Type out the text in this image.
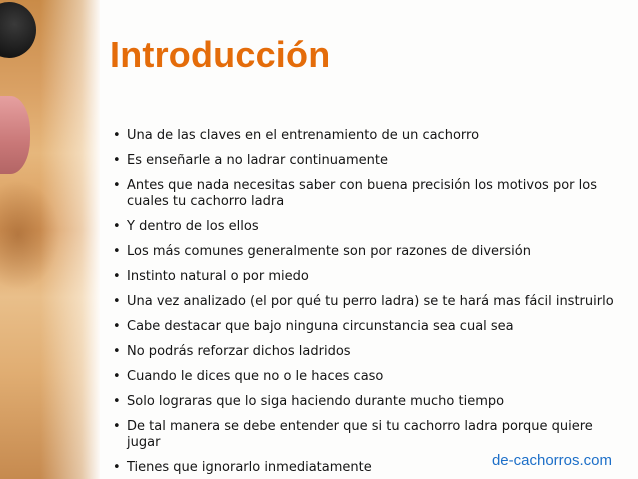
Introducción
• Una de las claves en el entrenamiento de un cachorro
• Es enseñarle a no ladrar continuamente
• Antes que nada necesitas saber con buena precisión los motivos por los cuales tu cachorro ladra
• Y dentro de los ellos
• Los más comunes generalmente son por razones de diversión
• Instinto natural o por miedo
• Una vez analizado (el por qué tu perro ladra) se te hará mas fácil instruirlo
• Cabe destacar que bajo ninguna circunstancia sea cual sea
• No podrás reforzar dichos ladridos
• Cuando le dices que no o le haces caso
• Solo lograras que lo siga haciendo durante mucho tiempo
• De tal manera se debe entender que si tu cachorro ladra porque quiere jugar
• Tienes que ignorarlo inmediatamente	de-cachorros.com
